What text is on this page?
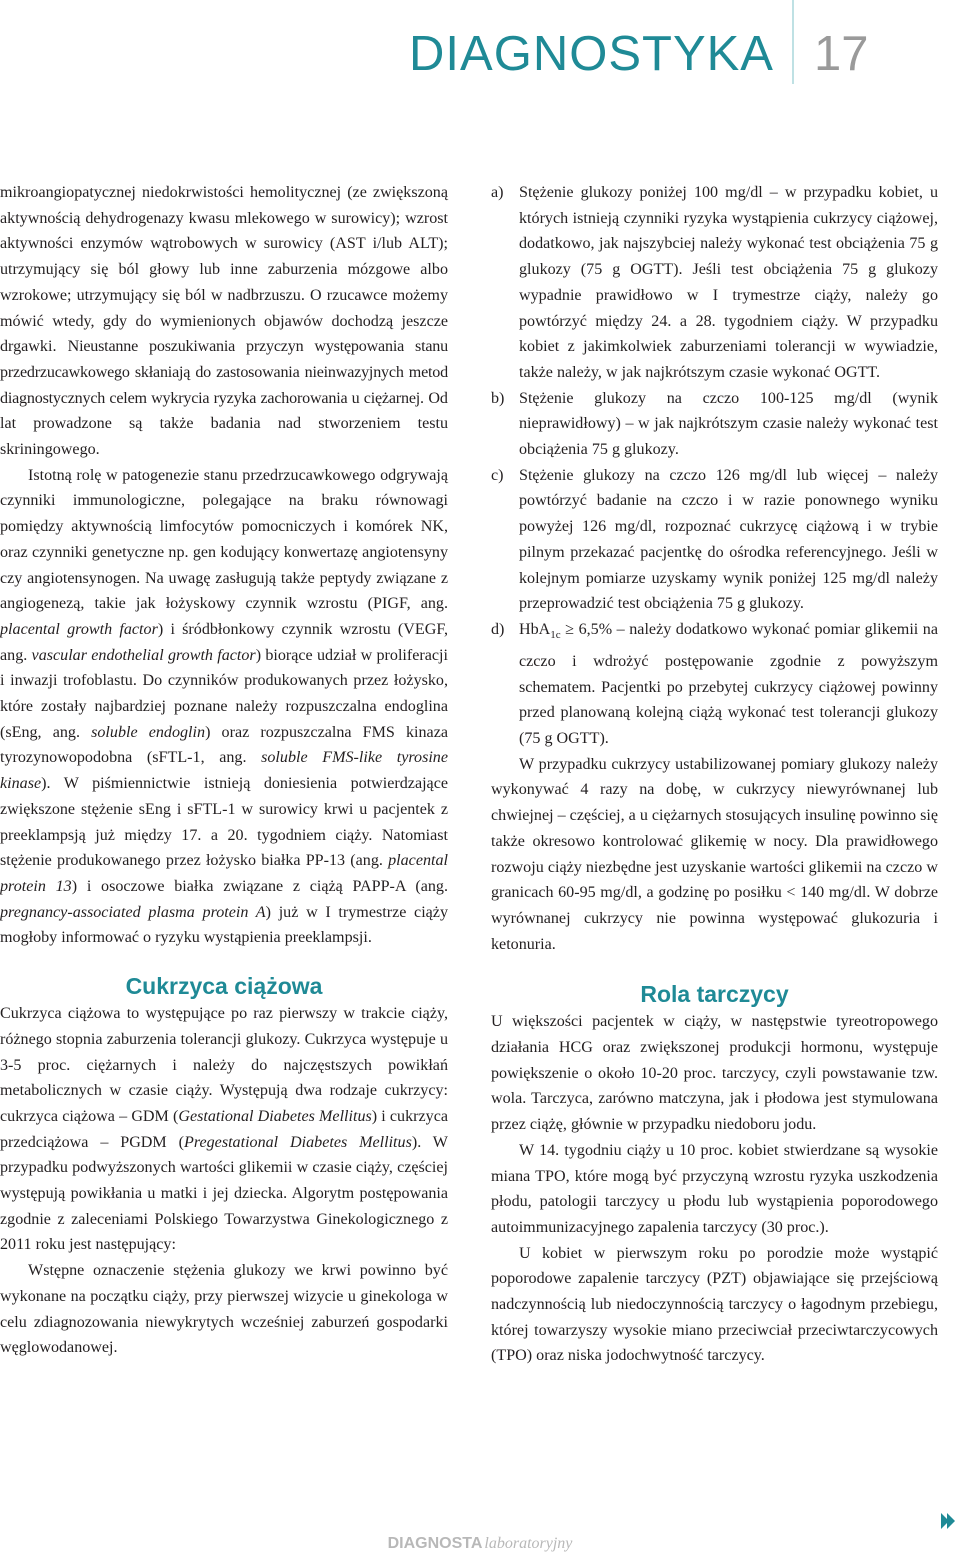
DIAGNOSTYKA 17

mikroangiopatycznej niedokrwistości hemolitycznej (ze zwiększoną aktywnością dehydrogenazy kwasu mlekowego w surowicy); wzrost aktywności enzymów wątrobowych w surowicy (AST i/lub ALT); utrzymujący się ból głowy lub inne zaburzenia mózgowe albo wzrokowe; utrzymujący się ból w nadbrzuszu. O rzucawce możemy mówić wtedy, gdy do wymienionych objawów dochodzą jeszcze drgawki. Nieustanne poszukiwania przyczyn występowania stanu przedrzucawkowego skłaniają do zastosowania nieinwazyjnych metod diagnostycznych celem wykrycia ryzyka zachorowania u ciężarnej. Od lat prowadzone są także badania nad stworzeniem testu skriningowego.

Istotną rolę w patogenezie stanu przedrzucawkowego odgrywają czynniki immunologiczne, polegające na braku równowagi pomiędzy aktywnością limfocytów pomocniczych i komórek NK, oraz czynniki genetyczne np. gen kodujący konwertazę angiotensyny czy angiotensynogen. Na uwagę zasługują także peptydy związane z angiogenezą, takie jak łożyskowy czynnik wzrostu (PIGF, ang. placental growth factor) i śródbłonkowy czynnik wzrostu (VEGF, ang. vascular endothelial growth factor) biorące udział w proliferacji i inwazji trofoblastu. Do czynników produkowanych przez łożysko, które zostały najbardziej poznane należy rozpuszczalna endoglina (sEng, ang. soluble endoglin) oraz rozpuszczalna FMS kinaza tyrozynowopodobna (sFTL-1, ang. soluble FMS-like tyrosine kinase). W piśmiennictwie istnieją doniesienia potwierdzające zwiększone stężenie sEng i sFTL-1 w surowicy krwi u pacjentek z preeklampsją już między 17. a 20. tygodniem ciąży. Natomiast stężenie produkowanego przez łożysko białka PP-13 (ang. placental protein 13) i osoczowe białka związane z ciążą PAPP-A (ang. pregnancy-associated plasma protein A) już w I trymestrze ciąży mogłoby informować o ryzyku wystąpienia preeklampsji.

Cukrzyca ciążowa

Cukrzyca ciążowa to występujące po raz pierwszy w trakcie ciąży, różnego stopnia zaburzenia tolerancji glukozy. Cukrzyca występuje u 3-5 proc. ciężarnych i należy do najczęstszych powikłań metabolicznych w czasie ciąży. Występują dwa rodzaje cukrzycy: cukrzyca ciążowa – GDM (Gestational Diabetes Mellitus) i cukrzyca przedciążowa – PGDM (Pregestational Diabetes Mellitus). W przypadku podwyższonych wartości glikemii w czasie ciąży, częściej występują powikłania u matki i jej dziecka. Algorytm postępowania zgodnie z zaleceniami Polskiego Towarzystwa Ginekologicznego z 2011 roku jest następujący:

Wstępne oznaczenie stężenia glukozy we krwi powinno być wykonane na początku ciąży, przy pierwszej wizycie u ginekologa w celu zdiagnozowania niewykrytych wcześniej zaburzeń gospodarki węglowodanowej.

a) Stężenie glukozy poniżej 100 mg/dl – w przypadku kobiet, u których istnieją czynniki ryzyka wystąpienia cukrzycy ciążowej, dodatkowo, jak najszybciej należy wykonać test obciążenia 75 g glukozy (75 g OGTT). Jeśli test obciążenia 75 g glukozy wypadnie prawidłowo w I trymestrze ciąży, należy go powtórzyć między 24. a 28. tygodniem ciąży. W przypadku kobiet z jakimkolwiek zaburzeniami tolerancji w wywiadzie, także należy, w jak najkrótszym czasie wykonać OGTT.
b) Stężenie glukozy na czczo 100-125 mg/dl (wynik nieprawidłowy) – w jak najkrótszym czasie należy wykonać test obciążenia 75 g glukozy.
c) Stężenie glukozy na czczo 126 mg/dl lub więcej – należy powtórzyć badanie na czczo i w razie ponownego wyniku powyżej 126 mg/dl, rozpoznać cukrzycę ciążową i w trybie pilnym przekazać pacjentkę do ośrodka referencyjnego. Jeśli w kolejnym pomiarze uzyskamy wynik poniżej 125 mg/dl należy przeprowadzić test obciążenia 75 g glukozy.
d) HbA$_{1c}$ ≥ 6,5% – należy dodatkowo wykonać pomiar glikemii na czczo i wdrożyć postępowanie zgodnie z powyższym schematem. Pacjentki po przebytej cukrzycy ciążowej powinny przed planowaną kolejną ciążą wykonać test tolerancji glukozy (75 g OGTT).

W przypadku cukrzycy ustabilizowanej pomiary glukozy należy wykonywać 4 razy na dobę, w cukrzycy niewyrównanej lub chwiejnej – częściej, a u ciężarnych stosujących insulinę powinno się także okresowo kontrolować glikemię w nocy. Dla prawidłowego rozwoju ciąży niezbędne jest uzyskanie wartości glikemii na czczo w granicach 60-95 mg/dl, a godzinę po posiłku < 140 mg/dl. W dobrze wyrównanej cukrzycy nie powinna występować glukozuria i ketonuria.

Rola tarczycy

U większości pacjentek w ciąży, w następstwie tyreotropowego działania HCG oraz zwiększonej produkcji hormonu, występuje powiększenie o około 10-20 proc. tarczycy, czyli powstawanie tzw. wola. Tarczyca, zarówno matczyna, jak i płodowa jest stymulowana przez ciążę, głównie w przypadku niedoboru jodu.

W 14. tygodniu ciąży u 10 proc. kobiet stwierdzane są wysokie miana TPO, które mogą być przyczyną wzrostu ryzyka uszkodzenia płodu, patologii tarczycy u płodu lub wystąpienia poporodowego autoimmunizacyjnego zapalenia tarczycy (30 proc.).

U kobiet w pierwszym roku po porodzie może wystąpić poporodowe zapalenie tarczycy (PZT) objawiające się przejściową nadczynnością lub niedoczynnością tarczycy o łagodnym przebiegu, której towarzyszy wysokie miano przeciwciał przeciwtarczycowych (TPO) oraz niska jodochwytność tarczycy.

DIAGNOSTA laboratoryjny
